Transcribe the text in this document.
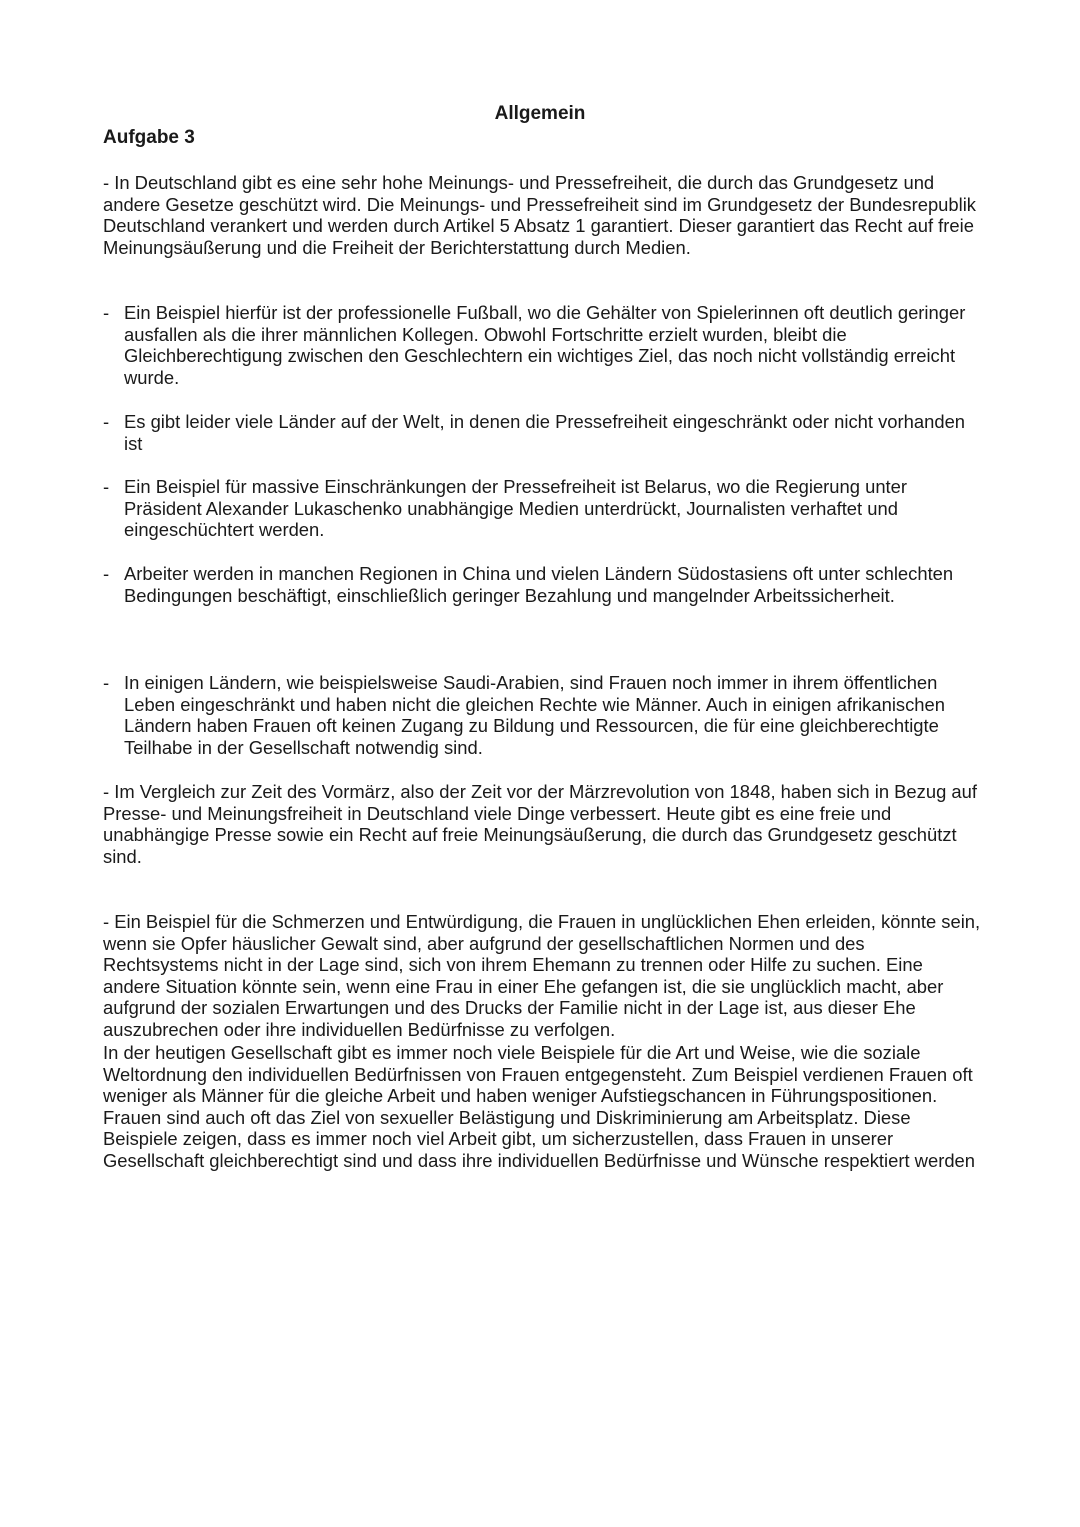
Allgemein
Aufgabe 3

- In Deutschland gibt es eine sehr hohe Meinungs- und Pressefreiheit, die durch das Grundgesetz und andere Gesetze geschützt wird. Die Meinungs- und Pressefreiheit sind im Grundgesetz der Bundesrepublik Deutschland verankert und werden durch Artikel 5 Absatz 1 garantiert. Dieser garantiert das Recht auf freie Meinungsäußerung und die Freiheit der Berichterstattung durch Medien.

- Ein Beispiel hierfür ist der professionelle Fußball, wo die Gehälter von Spielerinnen oft deutlich geringer ausfallen als die ihrer männlichen Kollegen. Obwohl Fortschritte erzielt wurden, bleibt die Gleichberechtigung zwischen den Geschlechtern ein wichtiges Ziel, das noch nicht vollständig erreicht wurde.
- Es gibt leider viele Länder auf der Welt, in denen die Pressefreiheit eingeschränkt oder nicht vorhanden ist
- Ein Beispiel für massive Einschränkungen der Pressefreiheit ist Belarus, wo die Regierung unter Präsident Alexander Lukaschenko unabhängige Medien unterdrückt, Journalisten verhaftet und eingeschüchtert werden.
- Arbeiter werden in manchen Regionen in China und vielen Ländern Südostasiens oft unter schlechten Bedingungen beschäftigt, einschließlich geringer Bezahlung und mangelnder Arbeitssicherheit.
- In einigen Ländern, wie beispielsweise Saudi-Arabien, sind Frauen noch immer in ihrem öffentlichen Leben eingeschränkt und haben nicht die gleichen Rechte wie Männer. Auch in einigen afrikanischen Ländern haben Frauen oft keinen Zugang zu Bildung und Ressourcen, die für eine gleichberechtigte Teilhabe in der Gesellschaft notwendig sind.

- Im Vergleich zur Zeit des Vormärz, also der Zeit vor der Märzrevolution von 1848, haben sich in Bezug auf Presse- und Meinungsfreiheit in Deutschland viele Dinge verbessert. Heute gibt es eine freie und unabhängige Presse sowie ein Recht auf freie Meinungsäußerung, die durch das Grundgesetz geschützt sind.

- Ein Beispiel für die Schmerzen und Entwürdigung, die Frauen in unglücklichen Ehen erleiden, könnte sein, wenn sie Opfer häuslicher Gewalt sind, aber aufgrund der gesellschaftlichen Normen und des Rechtsystems nicht in der Lage sind, sich von ihrem Ehemann zu trennen oder Hilfe zu suchen. Eine andere Situation könnte sein, wenn eine Frau in einer Ehe gefangen ist, die sie unglücklich macht, aber aufgrund der sozialen Erwartungen und des Drucks der Familie nicht in der Lage ist, aus dieser Ehe auszubrechen oder ihre individuellen Bedürfnisse zu verfolgen.

In der heutigen Gesellschaft gibt es immer noch viele Beispiele für die Art und Weise, wie die soziale Weltordnung den individuellen Bedürfnissen von Frauen entgegensteht. Zum Beispiel verdienen Frauen oft weniger als Männer für die gleiche Arbeit und haben weniger Aufstiegschancen in Führungspositionen. Frauen sind auch oft das Ziel von sexueller Belästigung und Diskriminierung am Arbeitsplatz. Diese Beispiele zeigen, dass es immer noch viel Arbeit gibt, um sicherzustellen, dass Frauen in unserer Gesellschaft gleichberechtigt sind und dass ihre individuellen Bedürfnisse und Wünsche respektiert werden
